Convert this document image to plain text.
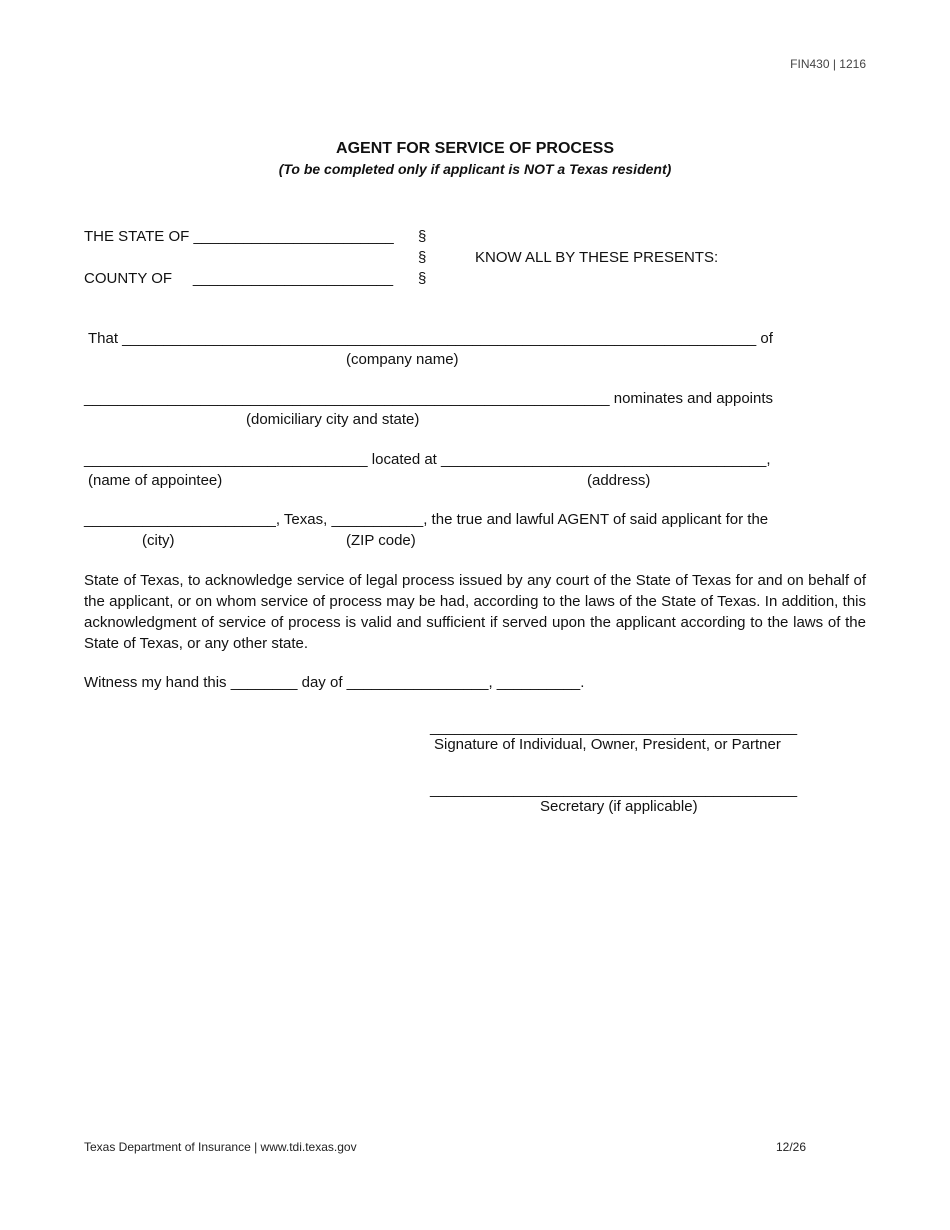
FIN430 | 1216
AGENT FOR SERVICE OF PROCESS
(To be completed only if applicant is NOT a Texas resident)
THE STATE OF ________________________
COUNTY OF     ________________________
§
§
§
KNOW ALL BY THESE PRESENTS:
That ____________________________________________________________________________ of
(company name)
_______________________________________________________________ nominates and appoints
(domiciliary city and state)
__________________________________ located at _______________________________________,
(name of appointee)	(address)
_______________________, Texas, ___________, the true and lawful AGENT of said applicant for the
(city)	(ZIP code)
State of Texas, to acknowledge service of legal process issued by any court of the State of Texas for and on behalf of the applicant, or on whom service of process may be had, according to the laws of the State of Texas. In addition, this acknowledgment of service of process is valid and sufficient if served upon the applicant according to the laws of the State of Texas, or any other state.
Witness my hand this ________ day of _________________, __________.
____________________________________________
Signature of Individual, Owner, President, or Partner
____________________________________________
Secretary (if applicable)
Texas Department of Insurance | www.tdi.texas.gov	12/26
